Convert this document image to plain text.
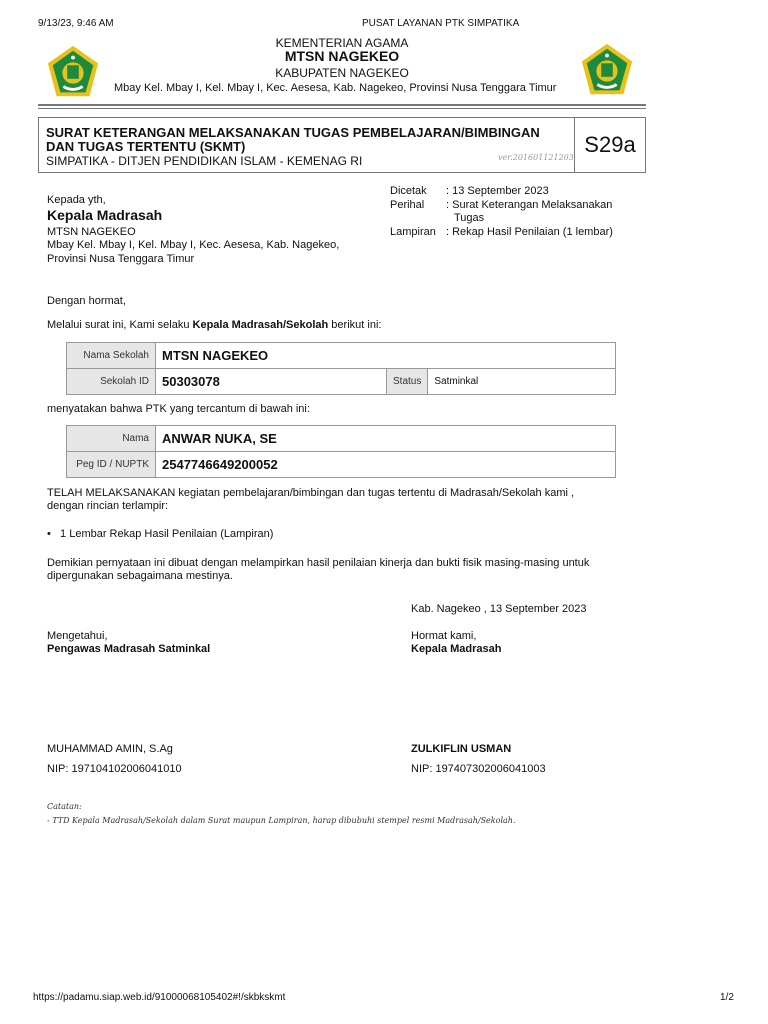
9/13/23, 9:46 AM	PUSAT LAYANAN PTK SIMPATIKA
KEMENTERIAN AGAMA
MTSN NAGEKEO
KABUPATEN NAGEKEO
Mbay Kel. Mbay I, Kel. Mbay I, Kec. Aesesa, Kab. Nagekeo, Provinsi Nusa Tenggara Timur
SURAT KETERANGAN MELAKSANAKAN TUGAS PEMBELAJARAN/BIMBINGAN
DAN TUGAS TERTENTU (SKMT)
SIMPATIKA - DITJEN PENDIDIKAN ISLAM - KEMENAG RI
S29a
ver.201601121203
Kepada yth,
Kepala Madrasah
MTSN NAGEKEO
Mbay Kel. Mbay I, Kel. Mbay I, Kec. Aesesa, Kab. Nagekeo,
Provinsi Nusa Tenggara Timur
Dicetak : 13 September 2023
Perihal : Surat Keterangan Melaksanakan
Tugas
Lampiran : Rekap Hasil Penilaian (1 lembar)
Dengan hormat,
Melalui surat ini, Kami selaku Kepala Madrasah/Sekolah berikut ini:
Nama Sekolah	MTSN NAGEKEO		
Sekolah ID	50303078	Status	Satminkal
menyatakan bahwa PTK yang tercantum di bawah ini:
Nama	ANWAR NUKA, SE
Peg ID / NUPTK	2547746649200052
TELAH MELAKSANAKAN kegiatan pembelajaran/bimbingan dan tugas tertentu di Madrasah/Sekolah kami ,
dengan rincian terlampir:
•   1 Lembar Rekap Hasil Penilaian (Lampiran)
Demikian pernyataan ini dibuat dengan melampirkan hasil penilaian kinerja dan bukti fisik masing-masing untuk
dipergunakan sebagaimana mestinya.
Kab. Nagekeo , 13 September 2023
Mengetahui,
Pengawas Madrasah Satminkal
Hormat kami,
Kepala Madrasah
MUHAMMAD AMIN, S.Ag
NIP: 197104102006041010
ZULKIFLIN USMAN
NIP: 197407302006041003
Catatan:
- TTD Kepala Madrasah/Sekolah dalam Surat maupun Lampiran, harap dibubuhi stempel resmi Madrasah/Sekolah.
https://padamu.siap.web.id/91000068105402#!/skbkskmt	1/2
